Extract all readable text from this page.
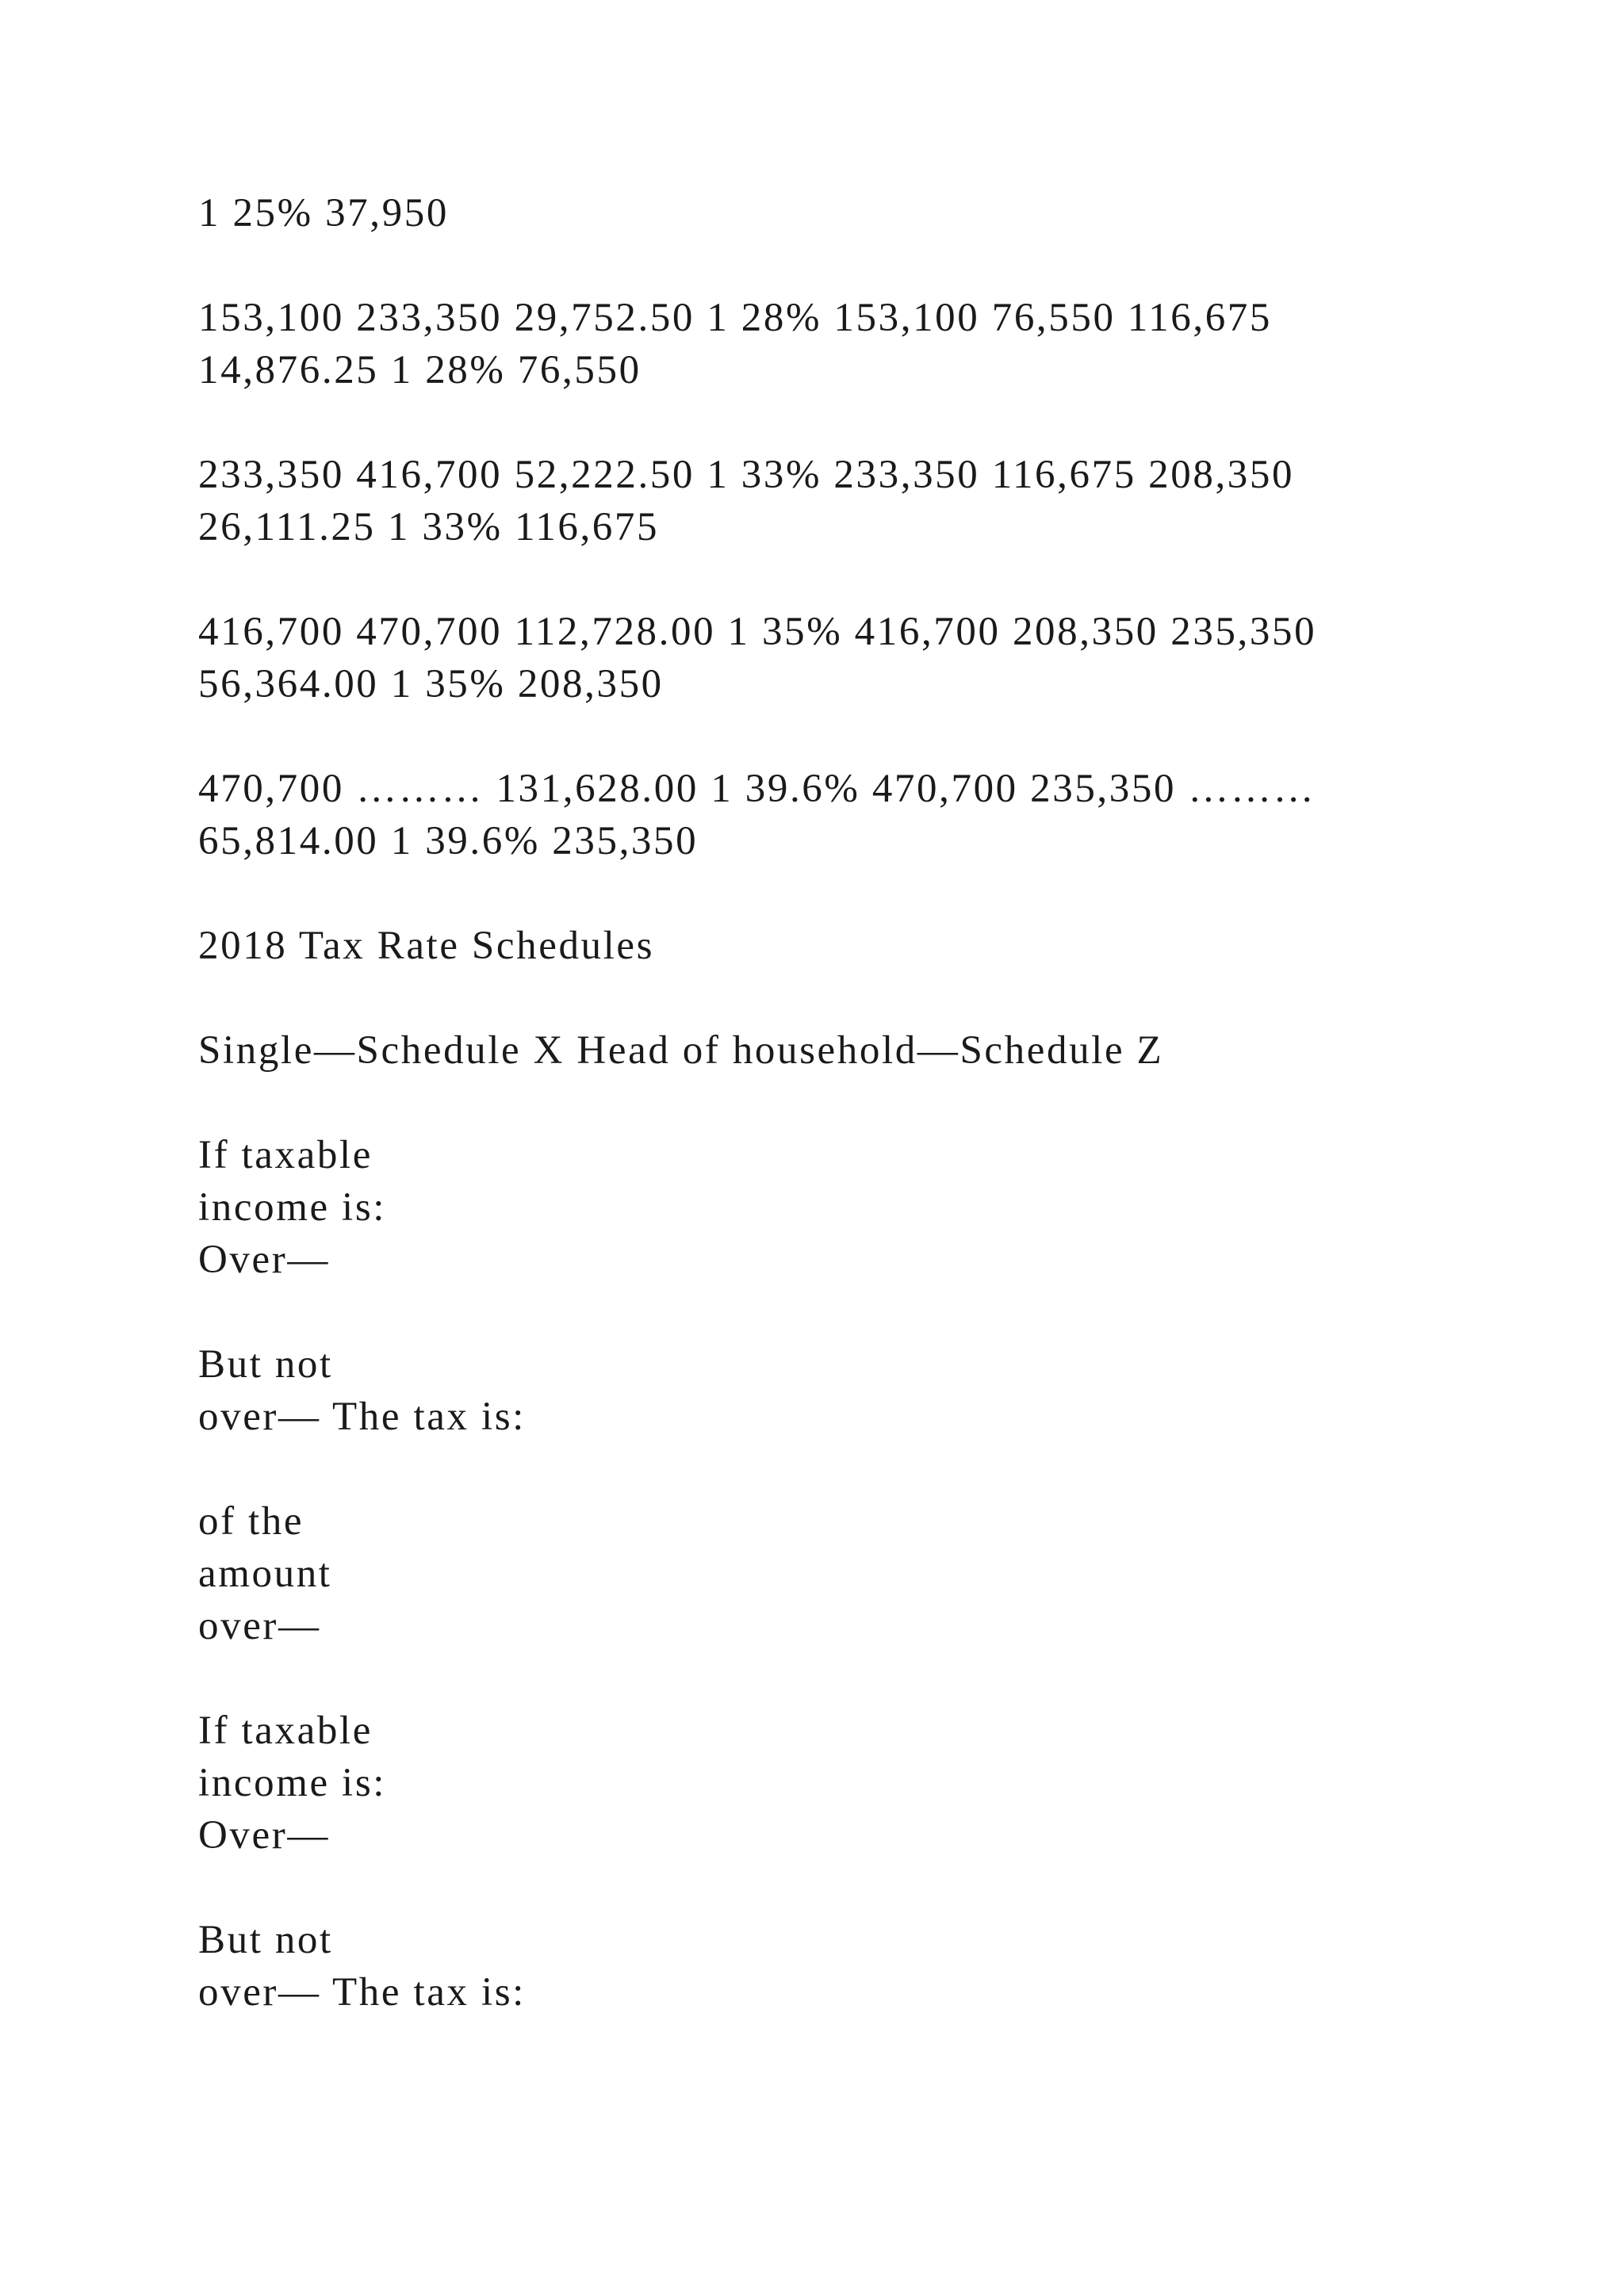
1 25% 37,950

153,100 233,350 29,752.50 1 28% 153,100 76,550 116,675
14,876.25 1 28% 76,550

233,350 416,700 52,222.50 1 33% 233,350 116,675 208,350
26,111.25 1 33% 116,675

416,700 470,700 112,728.00 1 35% 416,700 208,350 235,350
56,364.00 1 35% 208,350

470,700 ……… 131,628.00 1 39.6% 470,700 235,350 ………
65,814.00 1 39.6% 235,350

2018 Tax Rate Schedules

Single—Schedule X Head of household—Schedule Z

If taxable
income is:
Over—

But not
over— The tax is:

of the
amount
over—

If taxable
income is:
Over—

But not
over— The tax is:
